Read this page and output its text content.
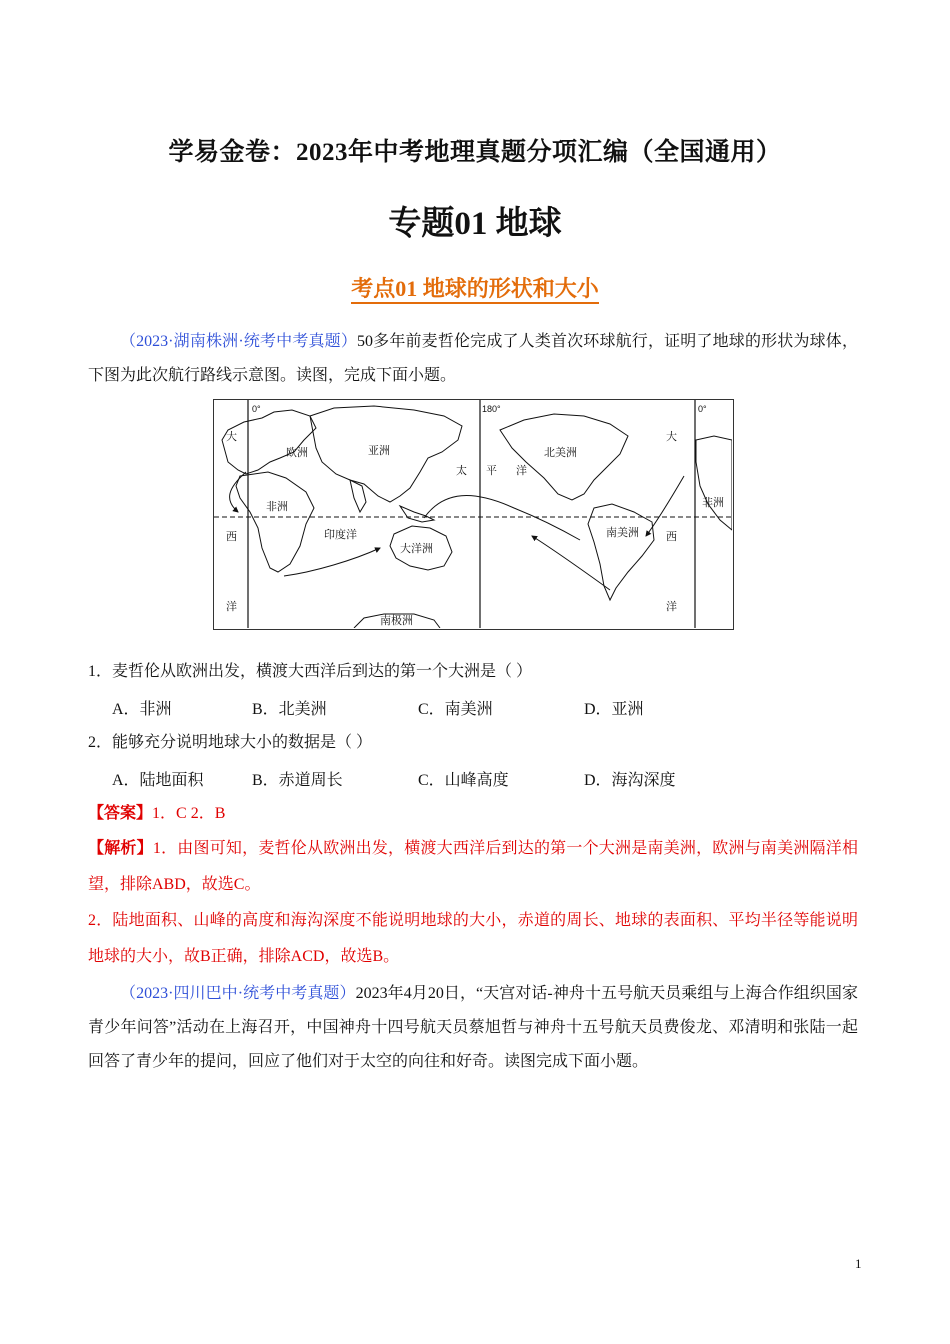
学易金卷：2023年中考地理真题分项汇编（全国通用）
专题01 地球
考点01 地球的形状和大小
（2023·湖南株洲·统考中考真题）50多年前麦哲伦完成了人类首次环球航行，证明了地球的形状为球体，下图为此次航行路线示意图。读图，完成下面小题。
0°	180°	0°
欧洲	亚洲
非洲	非洲
北美洲
南美洲
大洋洲
南极洲
印度洋
太 平 洋
大
西
洋
大
西
洋
1．麦哲伦从欧洲出发，横渡大西洋后到达的第一个大洲是（ ）
A．非洲	B．北美洲	C．南美洲	D．亚洲
2．能够充分说明地球大小的数据是（ ）
A．陆地面积	B．赤道周长	C．山峰高度	D．海沟深度
【答案】1．C 2．B
【解析】1．由图可知，麦哲伦从欧洲出发，横渡大西洋后到达的第一个大洲是南美洲，欧洲与南美洲隔洋相望，排除ABD，故选C。
2．陆地面积、山峰的高度和海沟深度不能说明地球的大小，赤道的周长、地球的表面积、平均半径等能说明地球的大小，故B正确，排除ACD，故选B。
（2023·四川巴中·统考中考真题）2023年4月20日，“天宫对话-神舟十五号航天员乘组与上海合作组织国家青少年问答”活动在上海召开，中国神舟十四号航天员蔡旭哲与神舟十五号航天员费俊龙、邓清明和张陆一起回答了青少年的提问，回应了他们对于太空的向往和好奇。读图完成下面小题。
1
